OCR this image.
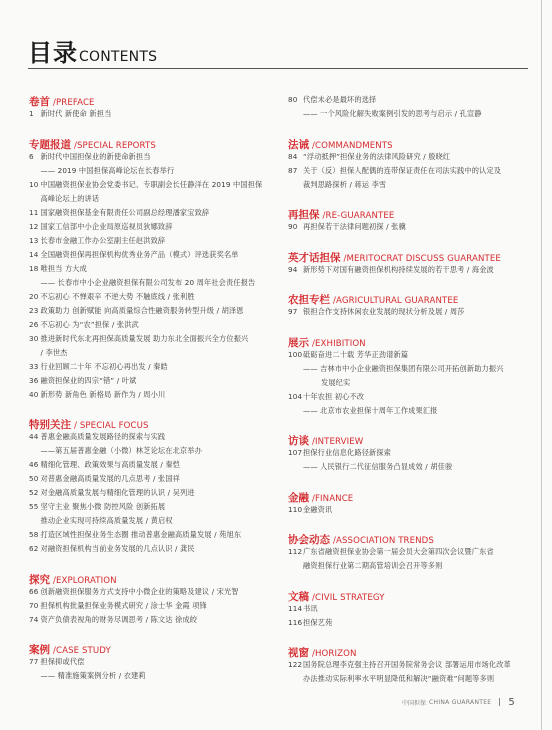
目录 CONTENTS
卷首 /PREFACE
1 新时代 新使命 新担当
专题报道 /SPECIAL REPORTS
6 新时代中国担保业的新使命新担当
—— 2019 中国担保高峰论坛在长春举行
10 中国融资担保业协会党委书记、专职副会长任静洋在 2019 中国担保
高峰论坛上的讲话
11 国家融资担保基金有限责任公司副总经理潘家宝致辞
12 国家工信部中小企业局原巡视员狄娜致辞
13 长春市金融工作办公室副主任赵洪致辞
14 全国融资担保再担保机构优秀业务产品（模式）评选获奖名单
18 唯担当 方大成
—— 长春市中小企业融资担保有限公司发布 20 周年社会责任报告
20 不忘初心 不惮艰辛 不逆大势 不触底线 / 张利胜
23 政策助力 创新赋能 向高质量综合性融资服务转型升级 / 胡泽恩
26 不忘初心 为“农”担保 / 张洪武
30 推进新时代东北再担保高质量发展 助力东北全面振兴全方位振兴
/ 李世杰
33 行业回顾二十年 不忘初心再出发 / 秦皓
36 融资担保业的四宗“错” / 叶斌
40 新形势 新角色 新格局 新作为 / 周小川
特别关注 / SPECIAL FOCUS
44 普惠金融高质量发展路径的探索与实践
——第五届普惠金融（小微）林芝论坛在北京举办
46 精细化管理、政策效果与高质量发展 / 秦恺
50 对普惠金融高质量发展的几点思考 / 张国祥
52 对金融高质量发展与精细化管理的认识 / 吴列进
55 坚守主业 聚焦小微 防控风险 创新拓展
推动企业实现可持续高质量发展 / 黄启权
58 打造区域性担保业务生态圈 推动普惠金融高质量发展 / 苑旭东
62 对融资担保机构当前业务发展的几点认识 / 龚民
探究 /EXPLORATION
66 创新融资担保服务方式支持中小微企业的策略及建议 / 宋光智
70 担保机构批量担保业务模式研究 / 涂士华 金霞 项锋
74 资产负债表视角的财务尽调思考 / 陈文达 徐成皎
案例 /CASE STUDY
77 担保抑或代偿
—— 精准施策案例分析 / 衣建莉
80 代偿未必是最坏的选择
—— 一个风险化解失败案例引发的思考与启示 / 孔宣静
法诫 /COMMANDMENTS
84 “浮动抵押”担保业务的法律风险研究 / 殷晓红
87 关于（反）担保人配偶的连带保证责任在司法实践中的认定及
裁判思路探析 / 蒋运 李雪
再担保 /RE-GUARANTEE
90 再担保若干法律问题初探 / 张骥
英才话担保 /MERITOCRAT DISCUSS GUARANTEE
94 新形势下对国有融资担保机构持续发展的若干思考 / 海金波
农担专栏 /AGRICULTURAL GUARANTEE
97 银担合作支持休闲农业发展的现状分析及展 / 周莎
展示 /EXHIBITION
100 砥砺奋进二十载 芳华正劲谱新篇
—— 吉林市中小企业融资担保集团有限公司开拓创新助力振兴
发展纪实
104 十年农担 初心不改
—— 北京市农业担保十周年工作成果汇报
访谈 /INTERVIEW
107 担保行业信息化路径新探索
—— 人民银行二代征信服务凸显成效 / 胡佳骏
金融 /FINANCE
110 金融资讯
协会动态 /ASSOCIATION TRENDS
112 广东省融资担保业协会第一届会员大会第四次会议暨广东省
融资担保行业第二期高管培训会召开等多则
文稿 /CIVIL STRATEGY
114 书讯
116 担保艺苑
视窗 /HORIZON
122 国务院总理李克强主持召开国务院常务会议 部署运用市场化改革
办法推动实际利率水平明显降低和解决“融资难”问题等多则
中国担保 CHINA GUARANTEE 5
